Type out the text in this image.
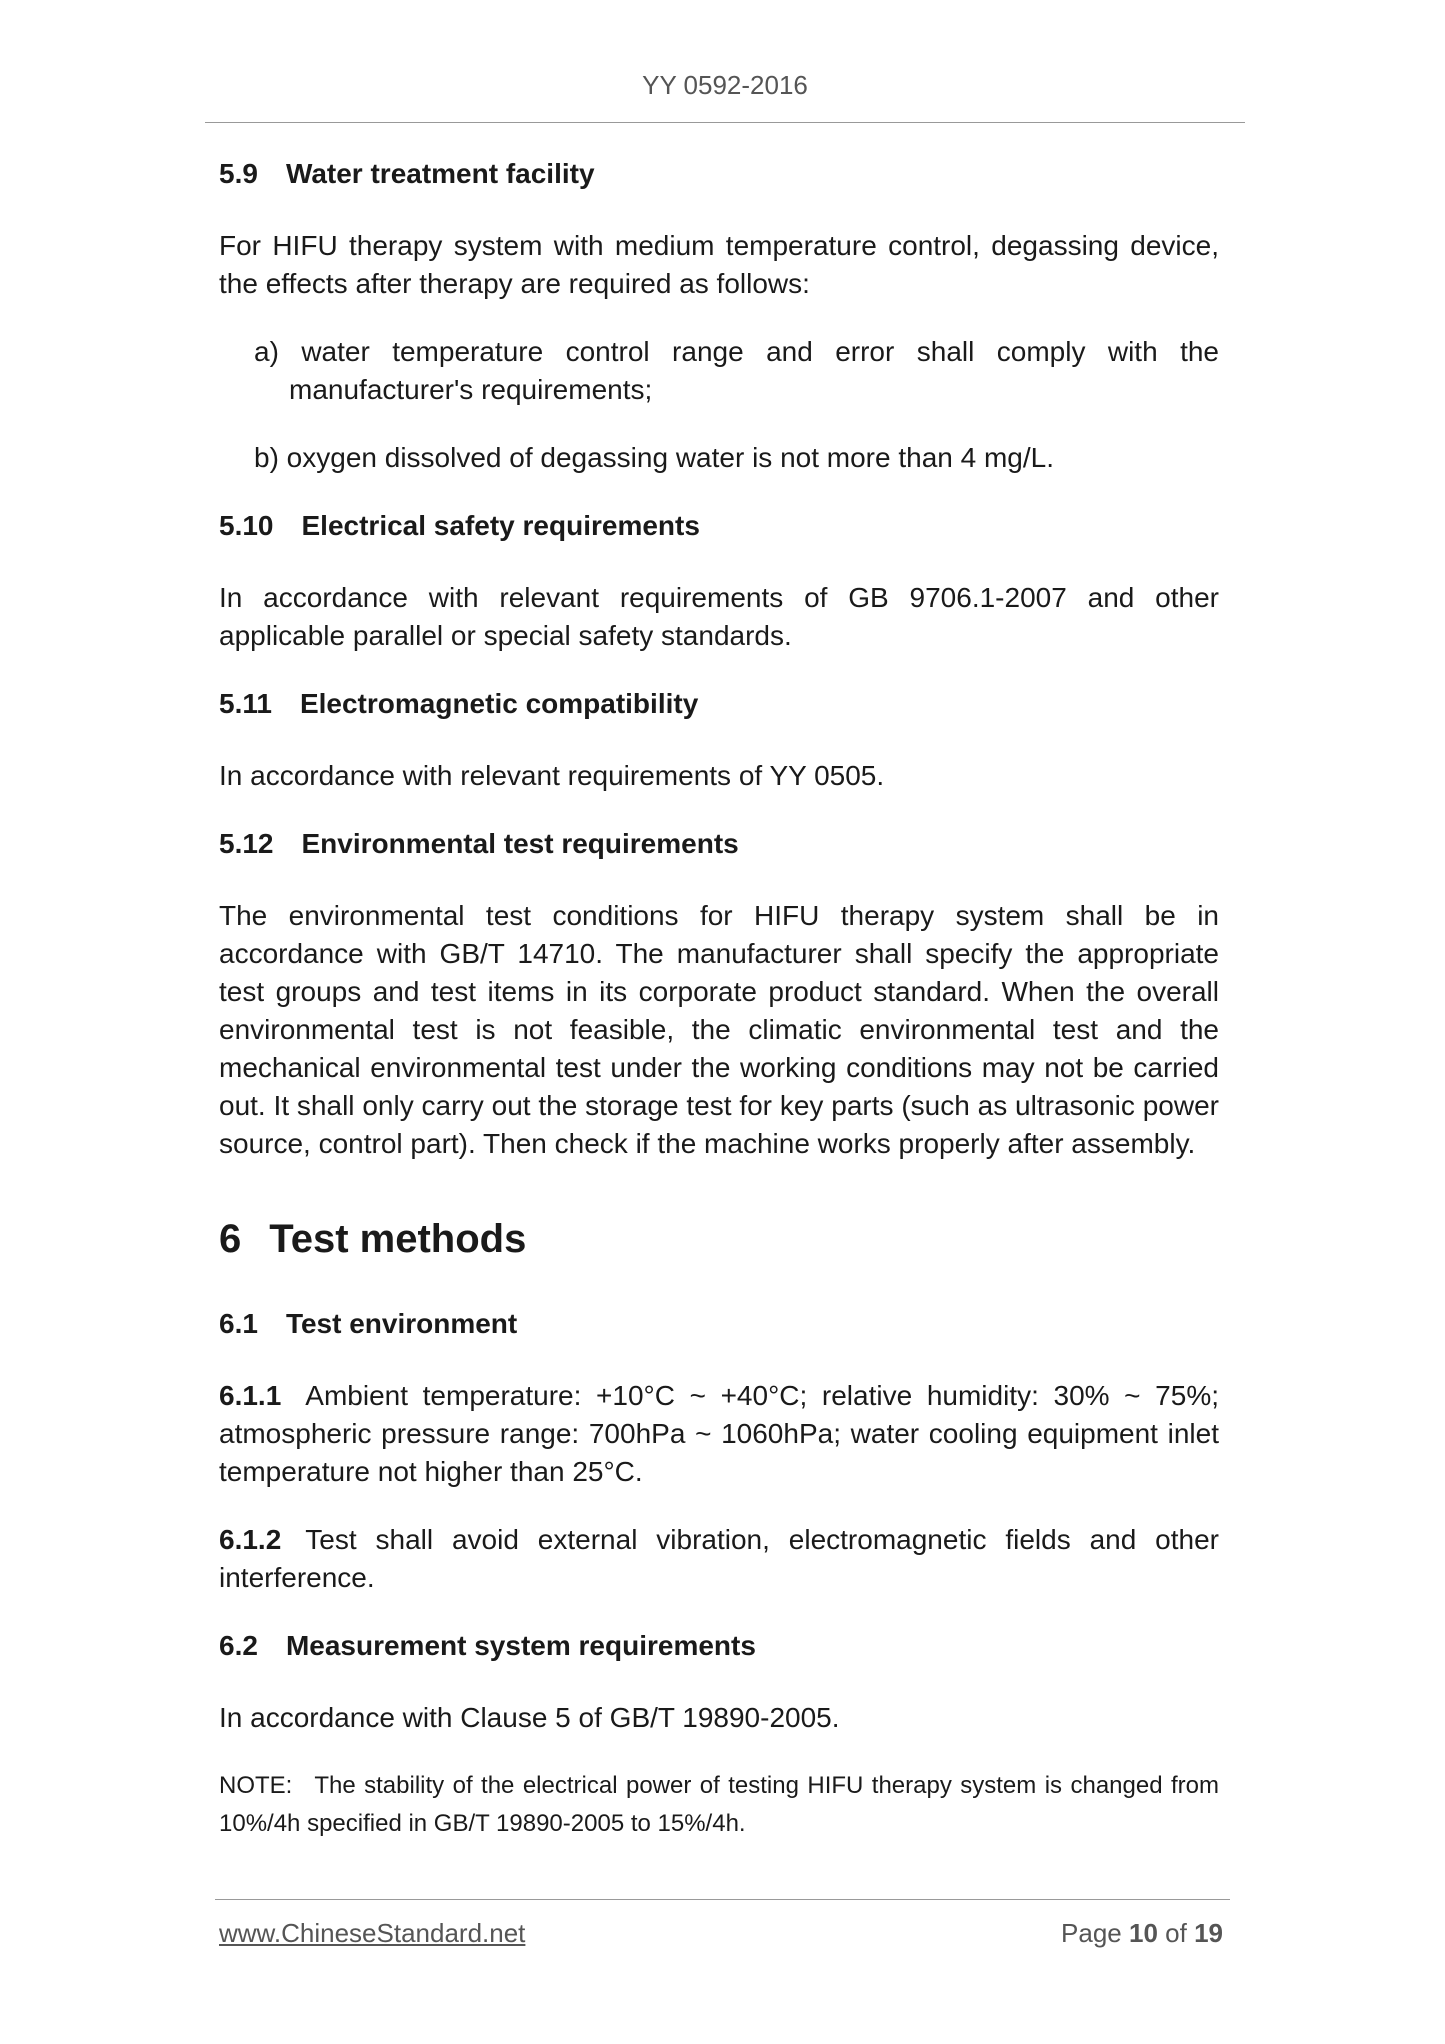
YY 0592-2016
5.9 Water treatment facility

For HIFU therapy system with medium temperature control, degassing device, the effects after therapy are required as follows:

a) water temperature control range and error shall comply with the manufacturer's requirements;

b) oxygen dissolved of degassing water is not more than 4 mg/L.

5.10 Electrical safety requirements

In accordance with relevant requirements of GB 9706.1-2007 and other applicable parallel or special safety standards.

5.11 Electromagnetic compatibility

In accordance with relevant requirements of YY 0505.

5.12 Environmental test requirements

The environmental test conditions for HIFU therapy system shall be in accordance with GB/T 14710. The manufacturer shall specify the appropriate test groups and test items in its corporate product standard. When the overall environmental test is not feasible, the climatic environmental test and the mechanical environmental test under the working conditions may not be carried out. It shall only carry out the storage test for key parts (such as ultrasonic power source, control part). Then check if the machine works properly after assembly.

6 Test methods
6.1 Test environment

6.1.1 Ambient temperature: +10°C ~ +40°C; relative humidity: 30% ~ 75%; atmospheric pressure range: 700hPa ~ 1060hPa; water cooling equipment inlet temperature not higher than 25°C.

6.1.2 Test shall avoid external vibration, electromagnetic fields and other interference.

6.2 Measurement system requirements

In accordance with Clause 5 of GB/T 19890-2005.

NOTE: The stability of the electrical power of testing HIFU therapy system is changed from 10%/4h specified in GB/T 19890-2005 to 15%/4h.

www.ChineseStandard.net	Page 10 of 19
